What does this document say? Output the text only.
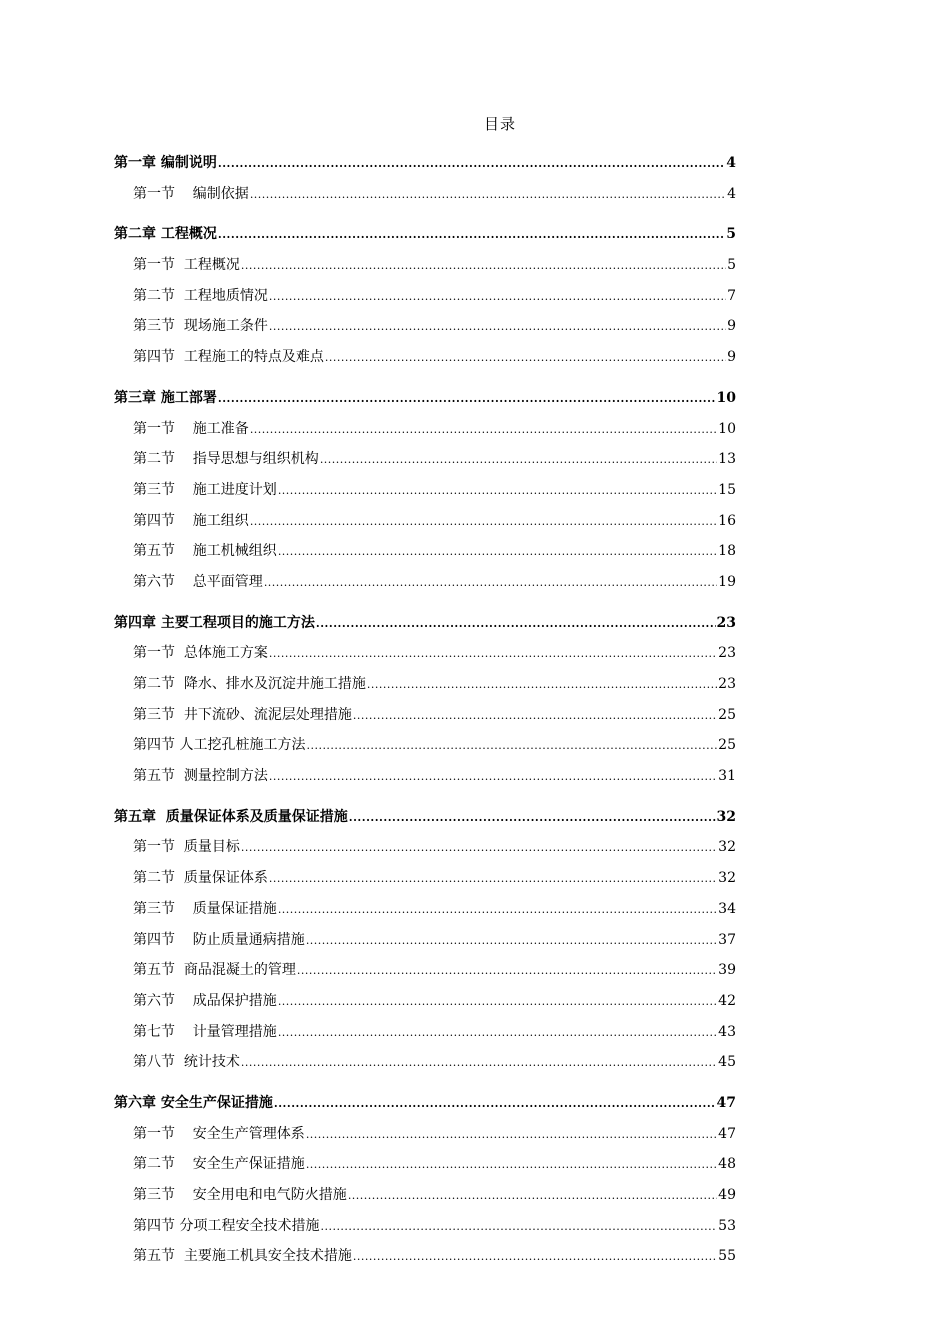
目录
第一章 编制说明 .....	4
第一节    编制依据 .....	4
第二章 工程概况 .....	5
第一节  工程概况 .....	5
第二节  工程地质情况 .....	7
第三节  现场施工条件 .....	9
第四节  工程施工的特点及难点 .....	9
第三章 施工部署 .....	10
第一节    施工准备 .....	10
第二节    指导思想与组织机构 .....	13
第三节    施工进度计划 .....	15
第四节    施工组织 .....	16
第五节    施工机械组织 .....	18
第六节    总平面管理 .....	19
第四章 主要工程项目的施工方法 .....	23
第一节  总体施工方案 .....	23
第二节  降水、排水及沉淀井施工措施 .....	23
第三节  井下流砂、流泥层处理措施 .....	25
第四节 人工挖孔桩施工方法 .....	25
第五节  测量控制方法 .....	31
第五章  质量保证体系及质量保证措施 .....	32
第一节  质量目标 .....	32
第二节  质量保证体系 .....	32
第三节    质量保证措施 .....	34
第四节    防止质量通病措施 .....	37
第五节  商品混凝土的管理 .....	39
第六节    成品保护措施 .....	42
第七节    计量管理措施 .....	43
第八节  统计技术 .....	45
第六章 安全生产保证措施 .....	47
第一节    安全生产管理体系 .....	47
第二节    安全生产保证措施 .....	48
第三节    安全用电和电气防火措施 .....	49
第四节 分项工程安全技术措施 .....	53
第五节  主要施工机具安全技术措施 .....	55
